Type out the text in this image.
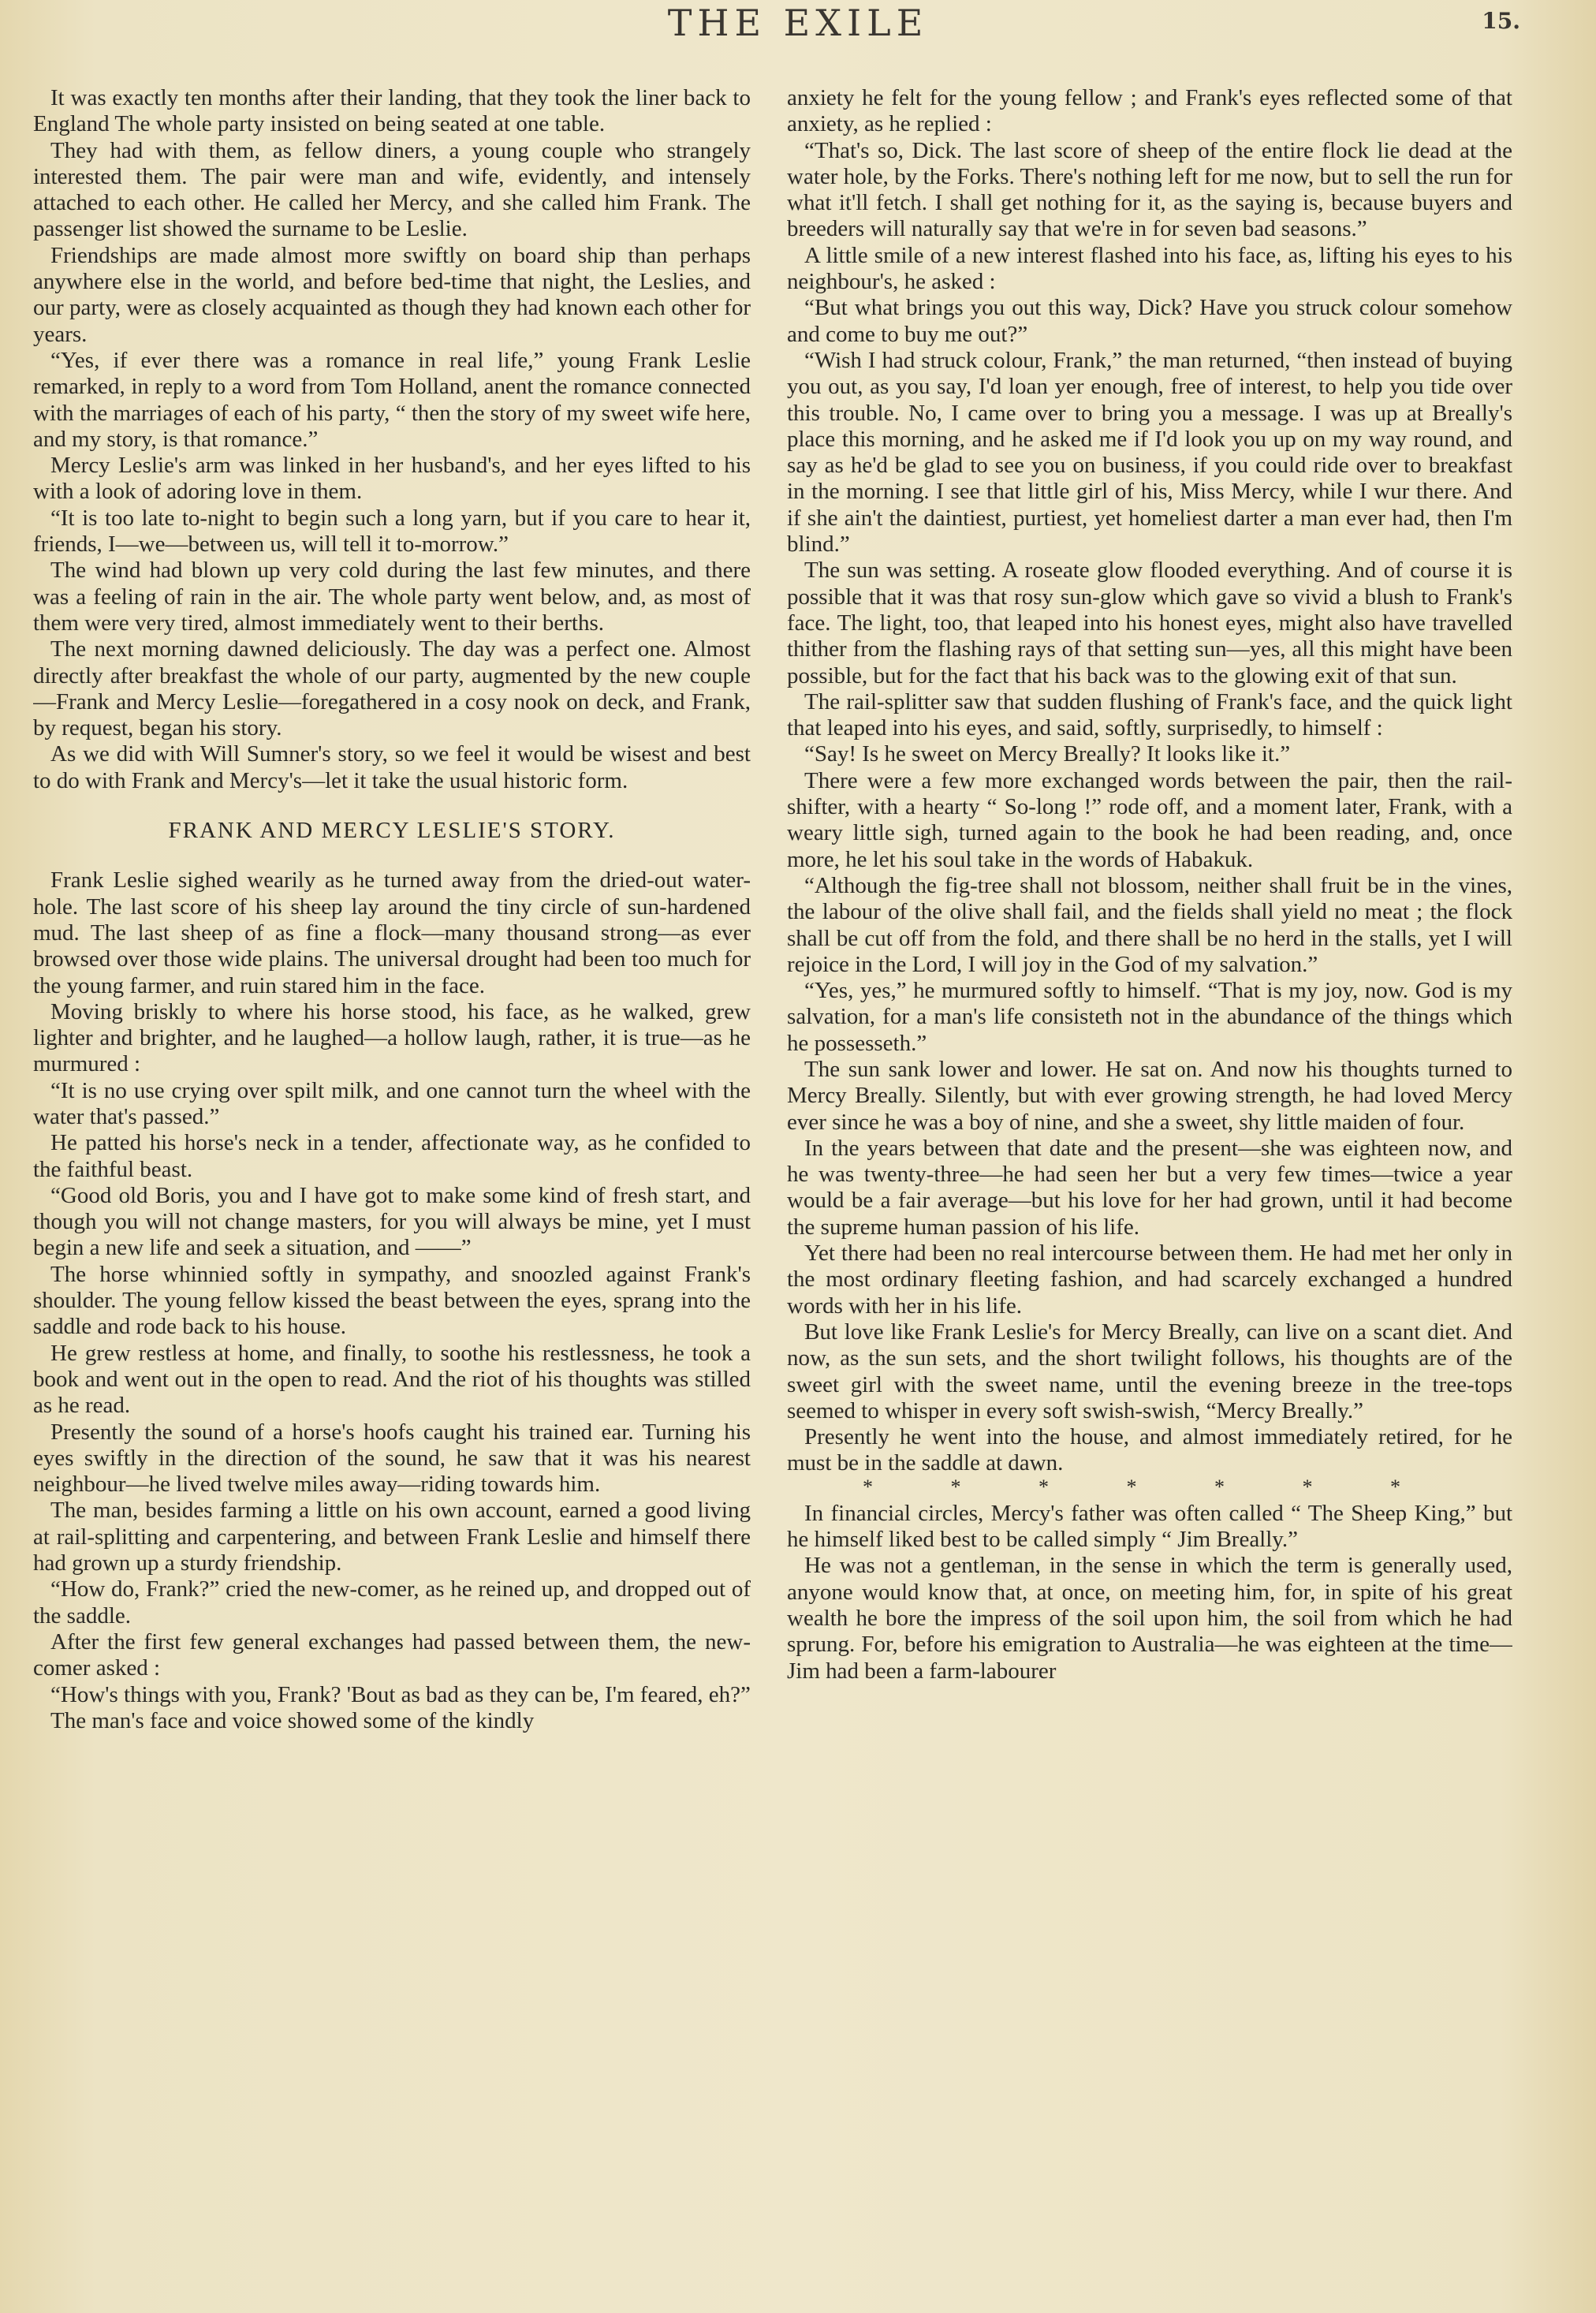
THE EXILE	15.

It was exactly ten months after their landing, that they took the liner back to England The whole party insisted on being seated at one table.

They had with them, as fellow diners, a young couple who strangely interested them. The pair were man and wife, evidently, and intensely attached to each other. He called her Mercy, and she called him Frank. The passenger list showed the surname to be Leslie.

Friendships are made almost more swiftly on board ship than perhaps anywhere else in the world, and before bed-time that night, the Leslies, and our party, were as closely acquainted as though they had known each other for years.

“Yes, if ever there was a romance in real life,” young Frank Leslie remarked, in reply to a word from Tom Holland, anent the romance connected with the marriages of each of his party, “ then the story of my sweet wife here, and my story, is that romance.”

Mercy Leslie's arm was linked in her husband's, and her eyes lifted to his with a look of adoring love in them.

“It is too late to-night to begin such a long yarn, but if you care to hear it, friends, I—we—between us, will tell it to-morrow.”

The wind had blown up very cold during the last few minutes, and there was a feeling of rain in the air. The whole party went below, and, as most of them were very tired, almost immediately went to their berths.

The next morning dawned deliciously. The day was a perfect one. Almost directly after breakfast the whole of our party, augmented by the new couple—Frank and Mercy Leslie—foregathered in a cosy nook on deck, and Frank, by request, began his story.

As we did with Will Sumner's story, so we feel it would be wisest and best to do with Frank and Mercy's—let it take the usual historic form.

FRANK AND MERCY LESLIE'S STORY.

Frank Leslie sighed wearily as he turned away from the dried-out water-hole. The last score of his sheep lay around the tiny circle of sun-hardened mud. The last sheep of as fine a flock—many thousand strong—as ever browsed over those wide plains. The universal drought had been too much for the young farmer, and ruin stared him in the face.

Moving briskly to where his horse stood, his face, as he walked, grew lighter and brighter, and he laughed—a hollow laugh, rather, it is true—as he murmured :

“It is no use crying over spilt milk, and one cannot turn the wheel with the water that's passed.”

He patted his horse's neck in a tender, affectionate way, as he confided to the faithful beast.

“Good old Boris, you and I have got to make some kind of fresh start, and though you will not change masters, for you will always be mine, yet I must begin a new life and seek a situation, and ——”

The horse whinnied softly in sympathy, and snoozled against Frank's shoulder. The young fellow kissed the beast between the eyes, sprang into the saddle and rode back to his house.

He grew restless at home, and finally, to soothe his restlessness, he took a book and went out in the open to read. And the riot of his thoughts was stilled as he read.

Presently the sound of a horse's hoofs caught his trained ear. Turning his eyes swiftly in the direction of the sound, he saw that it was his nearest neighbour—he lived twelve miles away—riding towards him.

The man, besides farming a little on his own account, earned a good living at rail-splitting and carpentering, and between Frank Leslie and himself there had grown up a sturdy friendship.

“How do, Frank?” cried the new-comer, as he reined up, and dropped out of the saddle.

After the first few general exchanges had passed between them, the new-comer asked :

“How's things with you, Frank? 'Bout as bad as they can be, I'm feared, eh?”

The man's face and voice showed some of the kindly

anxiety he felt for the young fellow ; and Frank's eyes reflected some of that anxiety, as he replied :

“That's so, Dick. The last score of sheep of the entire flock lie dead at the water hole, by the Forks. There's nothing left for me now, but to sell the run for what it'll fetch. I shall get nothing for it, as the saying is, because buyers and breeders will naturally say that we're in for seven bad seasons.”

A little smile of a new interest flashed into his face, as, lifting his eyes to his neighbour's, he asked :

“But what brings you out this way, Dick? Have you struck colour somehow and come to buy me out?”

“Wish I had struck colour, Frank,” the man returned, “then instead of buying you out, as you say, I'd loan yer enough, free of interest, to help you tide over this trouble. No, I came over to bring you a message. I was up at Breally's place this morning, and he asked me if I'd look you up on my way round, and say as he'd be glad to see you on business, if you could ride over to breakfast in the morning. I see that little girl of his, Miss Mercy, while I wur there. And if she ain't the daintiest, purtiest, yet homeliest darter a man ever had, then I'm blind.”

The sun was setting. A roseate glow flooded everything. And of course it is possible that it was that rosy sun-glow which gave so vivid a blush to Frank's face. The light, too, that leaped into his honest eyes, might also have travelled thither from the flashing rays of that setting sun—yes, all this might have been possible, but for the fact that his back was to the glowing exit of that sun.

The rail-splitter saw that sudden flushing of Frank's face, and the quick light that leaped into his eyes, and said, softly, surprisedly, to himself :

“Say! Is he sweet on Mercy Breally? It looks like it.”

There were a few more exchanged words between the pair, then the rail-shifter, with a hearty “ So-long !” rode off, and a moment later, Frank, with a weary little sigh, turned again to the book he had been reading, and, once more, he let his soul take in the words of Habakuk.

“Although the fig-tree shall not blossom, neither shall fruit be in the vines, the labour of the olive shall fail, and the fields shall yield no meat ; the flock shall be cut off from the fold, and there shall be no herd in the stalls, yet I will rejoice in the Lord, I will joy in the God of my salvation.”

“Yes, yes,” he murmured softly to himself. “That is my joy, now. God is my salvation, for a man's life consisteth not in the abundance of the things which he possesseth.”

The sun sank lower and lower. He sat on. And now his thoughts turned to Mercy Breally. Silently, but with ever growing strength, he had loved Mercy ever since he was a boy of nine, and she a sweet, shy little maiden of four.

In the years between that date and the present—she was eighteen now, and he was twenty-three—he had seen her but a very few times—twice a year would be a fair average—but his love for her had grown, until it had become the supreme human passion of his life.

Yet there had been no real intercourse between them. He had met her only in the most ordinary fleeting fashion, and had scarcely exchanged a hundred words with her in his life.

But love like Frank Leslie's for Mercy Breally, can live on a scant diet. And now, as the sun sets, and the short twilight follows, his thoughts are of the sweet girl with the sweet name, until the evening breeze in the tree-tops seemed to whisper in every soft swish-swish, “Mercy Breally.”

Presently he went into the house, and almost immediately retired, for he must be in the saddle at dawn.

* * * * * * *

In financial circles, Mercy's father was often called “ The Sheep King,” but he himself liked best to be called simply “ Jim Breally.”

He was not a gentleman, in the sense in which the term is generally used, anyone would know that, at once, on meeting him, for, in spite of his great wealth he bore the impress of the soil upon him, the soil from which he had sprung. For, before his emigration to Australia—he was eighteen at the time—Jim had been a farm-labourer
